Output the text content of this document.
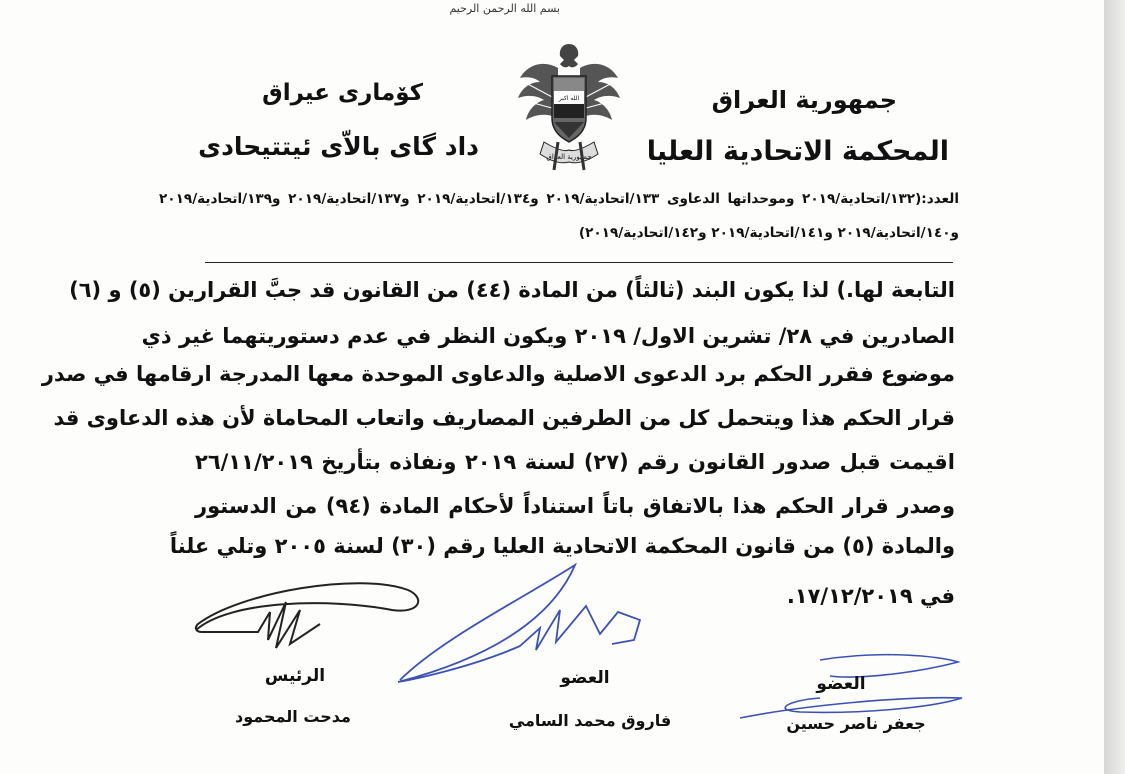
بسم الله الرحمن الرحيم
الله اكبر
جمهورية العراق
جمهورية العراق
المحكمة الاتحادية العليا
کوٚماری عیراق
داد گای بالاّی ئیتتیحادی
العدد:(١٣٢/اتحادية/٢٠١٩ وموحداتها الدعاوى ١٣٣/اتحادية/٢٠١٩ و١٣٤/اتحادية/٢٠١٩ و١٣٧/اتحادية/٢٠١٩ و١٣٩/اتحادية/٢٠١٩ و١٤٠/اتحادية/٢٠١٩ و١٤١/اتحادية/٢٠١٩ و١٤٢/اتحادية/٢٠١٩)
التابعة لها.) لذا يكون البند (ثالثاً) من المادة (٤٤) من القانون قد جبَّ القرارين (٥) و (٦)
الصادرين في ٢٨/ تشرين الاول/ ٢٠١٩ ويكون النظر في عدم دستوريتهما غير ذي
موضوع فقرر الحكم برد الدعوى الاصلية والدعاوى الموحدة معها المدرجة ارقامها في صدر
قرار الحكم هذا ويتحمل كل من الطرفين المصاريف واتعاب المحاماة لأن هذه الدعاوى قد
اقيمت قبل صدور القانون رقم (٢٧) لسنة ٢٠١٩ ونفاذه بتأريخ ٢٦/١١/٢٠١٩
وصدر قرار الحكم هذا بالاتفاق باتاً استناداً لأحكام المادة (٩٤) من الدستور
والمادة (٥) من قانون المحكمة الاتحادية العليا رقم (٣٠) لسنة ٢٠٠٥ وتلي علناً
في ١٧/١٢/٢٠١٩.
الرئيس
مدحت المحمود
العضو
فاروق محمد السامي
العضو
جعفر ناصر حسين
